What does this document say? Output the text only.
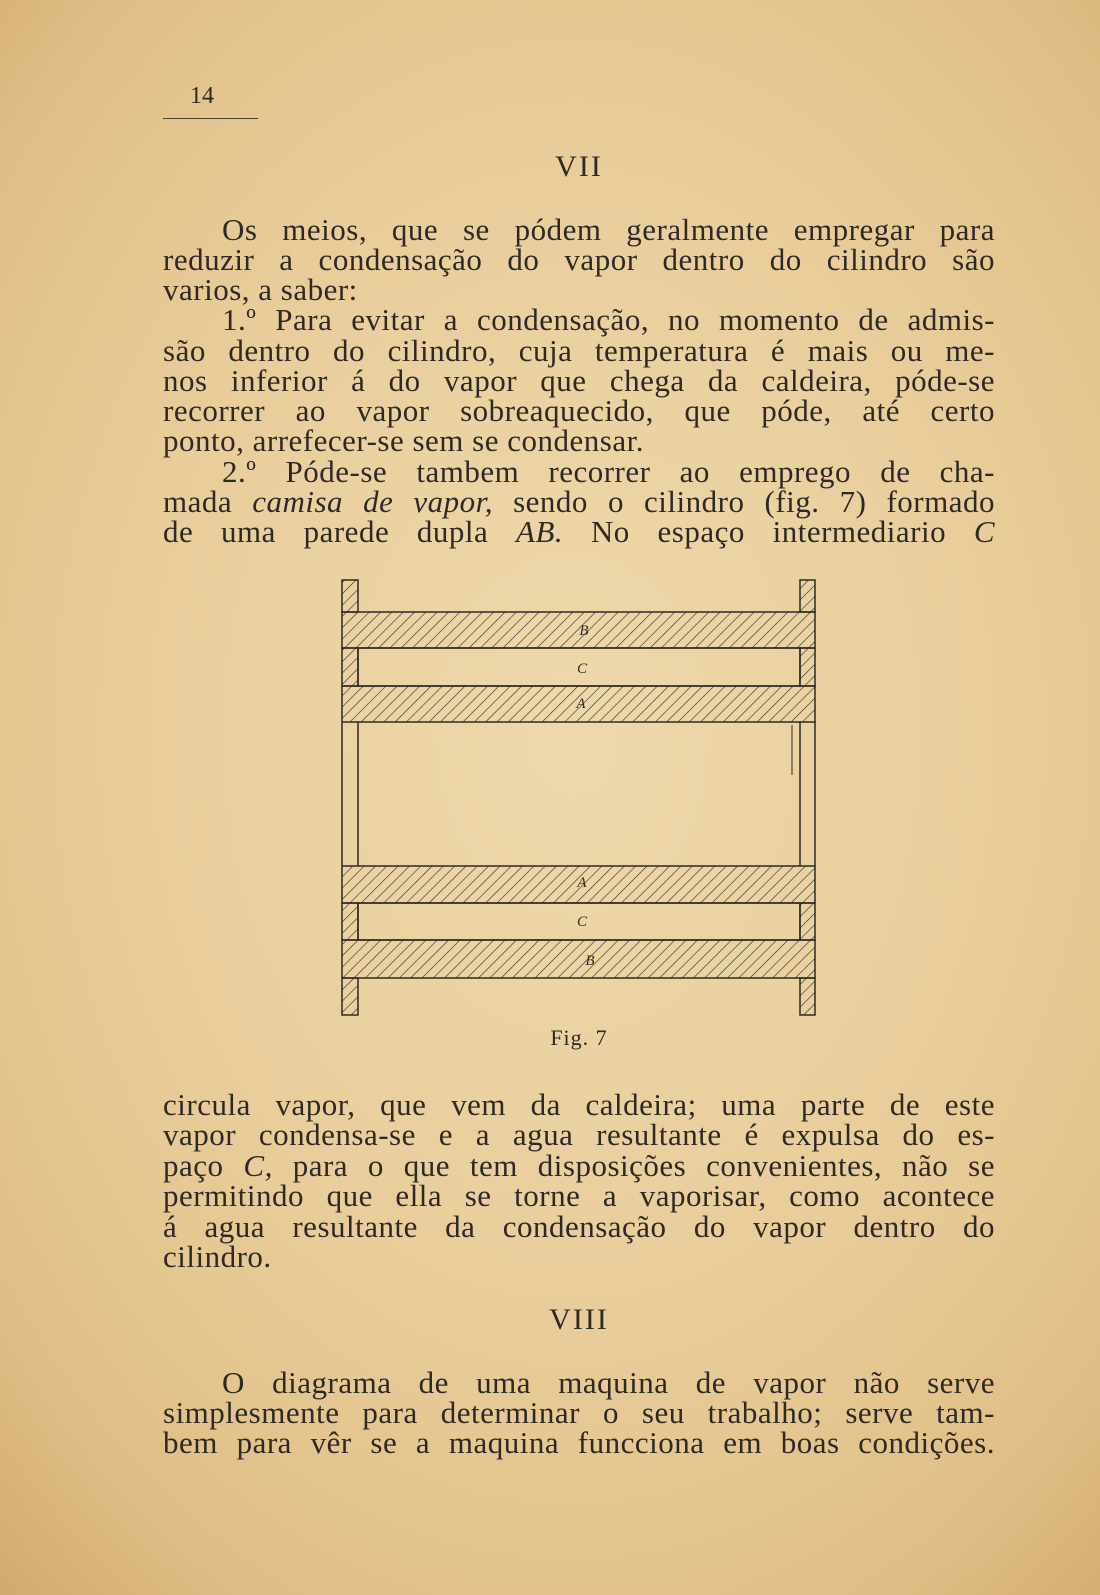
14
VII
Os meios, que se pódem geralmente empregar para
reduzir a condensação do vapor dentro do cilindro são
varios, a saber:
1.º Para evitar a condensação, no momento de admis-
são dentro do cilindro, cuja temperatura é mais ou me-
nos inferior á do vapor que chega da caldeira, póde-se
recorrer ao vapor sobreaquecido, que póde, até certo
ponto, arrefecer-se sem se condensar.
2.º Póde-se tambem recorrer ao emprego de cha-
mada camisa de vapor, sendo o cilindro (fig. 7) formado
de uma parede dupla AB. No espaço intermediario C
B
C
A
A
C
B
Fig. 7
circula vapor, que vem da caldeira; uma parte de este
vapor condensa-se e a agua resultante é expulsa do es-
paço C, para o que tem disposições convenientes, não se
permitindo que ella se torne a vaporisar, como acontece
á agua resultante da condensação do vapor dentro do
cilindro.
VIII
O diagrama de uma maquina de vapor não serve
simplesmente para determinar o seu trabalho; serve tam-
bem para vêr se a maquina funcciona em boas condições.
